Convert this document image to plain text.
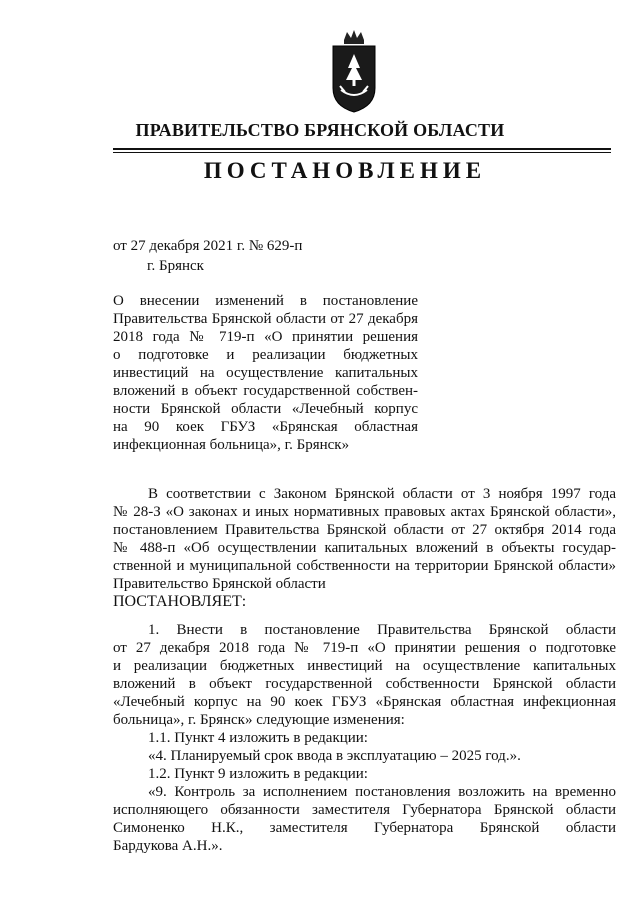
ПРАВИТЕЛЬСТВО БРЯНСКОЙ ОБЛАСТИ
ПОСТАНОВЛЕНИЕ
от 27 декабря 2021 г. № 629-п
г. Брянск
О внесении изменений в постановление
Правительства Брянской области от 27 декабря
2018 года № 719-п «О принятии решения
о подготовке и реализации бюджетных
инвестиций на осуществление капитальных
вложений в объект государственной собствен-
ности Брянской области «Лечебный корпус
на 90 коек ГБУЗ «Брянская областная
инфекционная больница», г. Брянск»
В соответствии с Законом Брянской области от 3 ноября 1997 года
№ 28-З «О законах и иных нормативных правовых актах Брянской области»,
постановлением Правительства Брянской области от 27 октября 2014 года
№ 488-п «Об осуществлении капитальных вложений в объекты государ-
ственной и муниципальной собственности на территории Брянской области»
Правительство Брянской области
ПОСТАНОВЛЯЕТ:
1. Внести в постановление Правительства Брянской области
от 27 декабря 2018 года № 719-п «О принятии решения о подготовке
и реализации бюджетных инвестиций на осуществление капитальных
вложений в объект государственной собственности Брянской области
«Лечебный корпус на 90 коек ГБУЗ «Брянская областная инфекционная
больница», г. Брянск» следующие изменения:
1.1. Пункт 4 изложить в редакции:
«4. Планируемый срок ввода в эксплуатацию – 2025 год.».
1.2. Пункт 9 изложить в редакции:
«9. Контроль за исполнением постановления возложить на временно
исполняющего обязанности заместителя Губернатора Брянской области
Симоненко Н.К., заместителя Губернатора Брянской области
Бардукова А.Н.».
